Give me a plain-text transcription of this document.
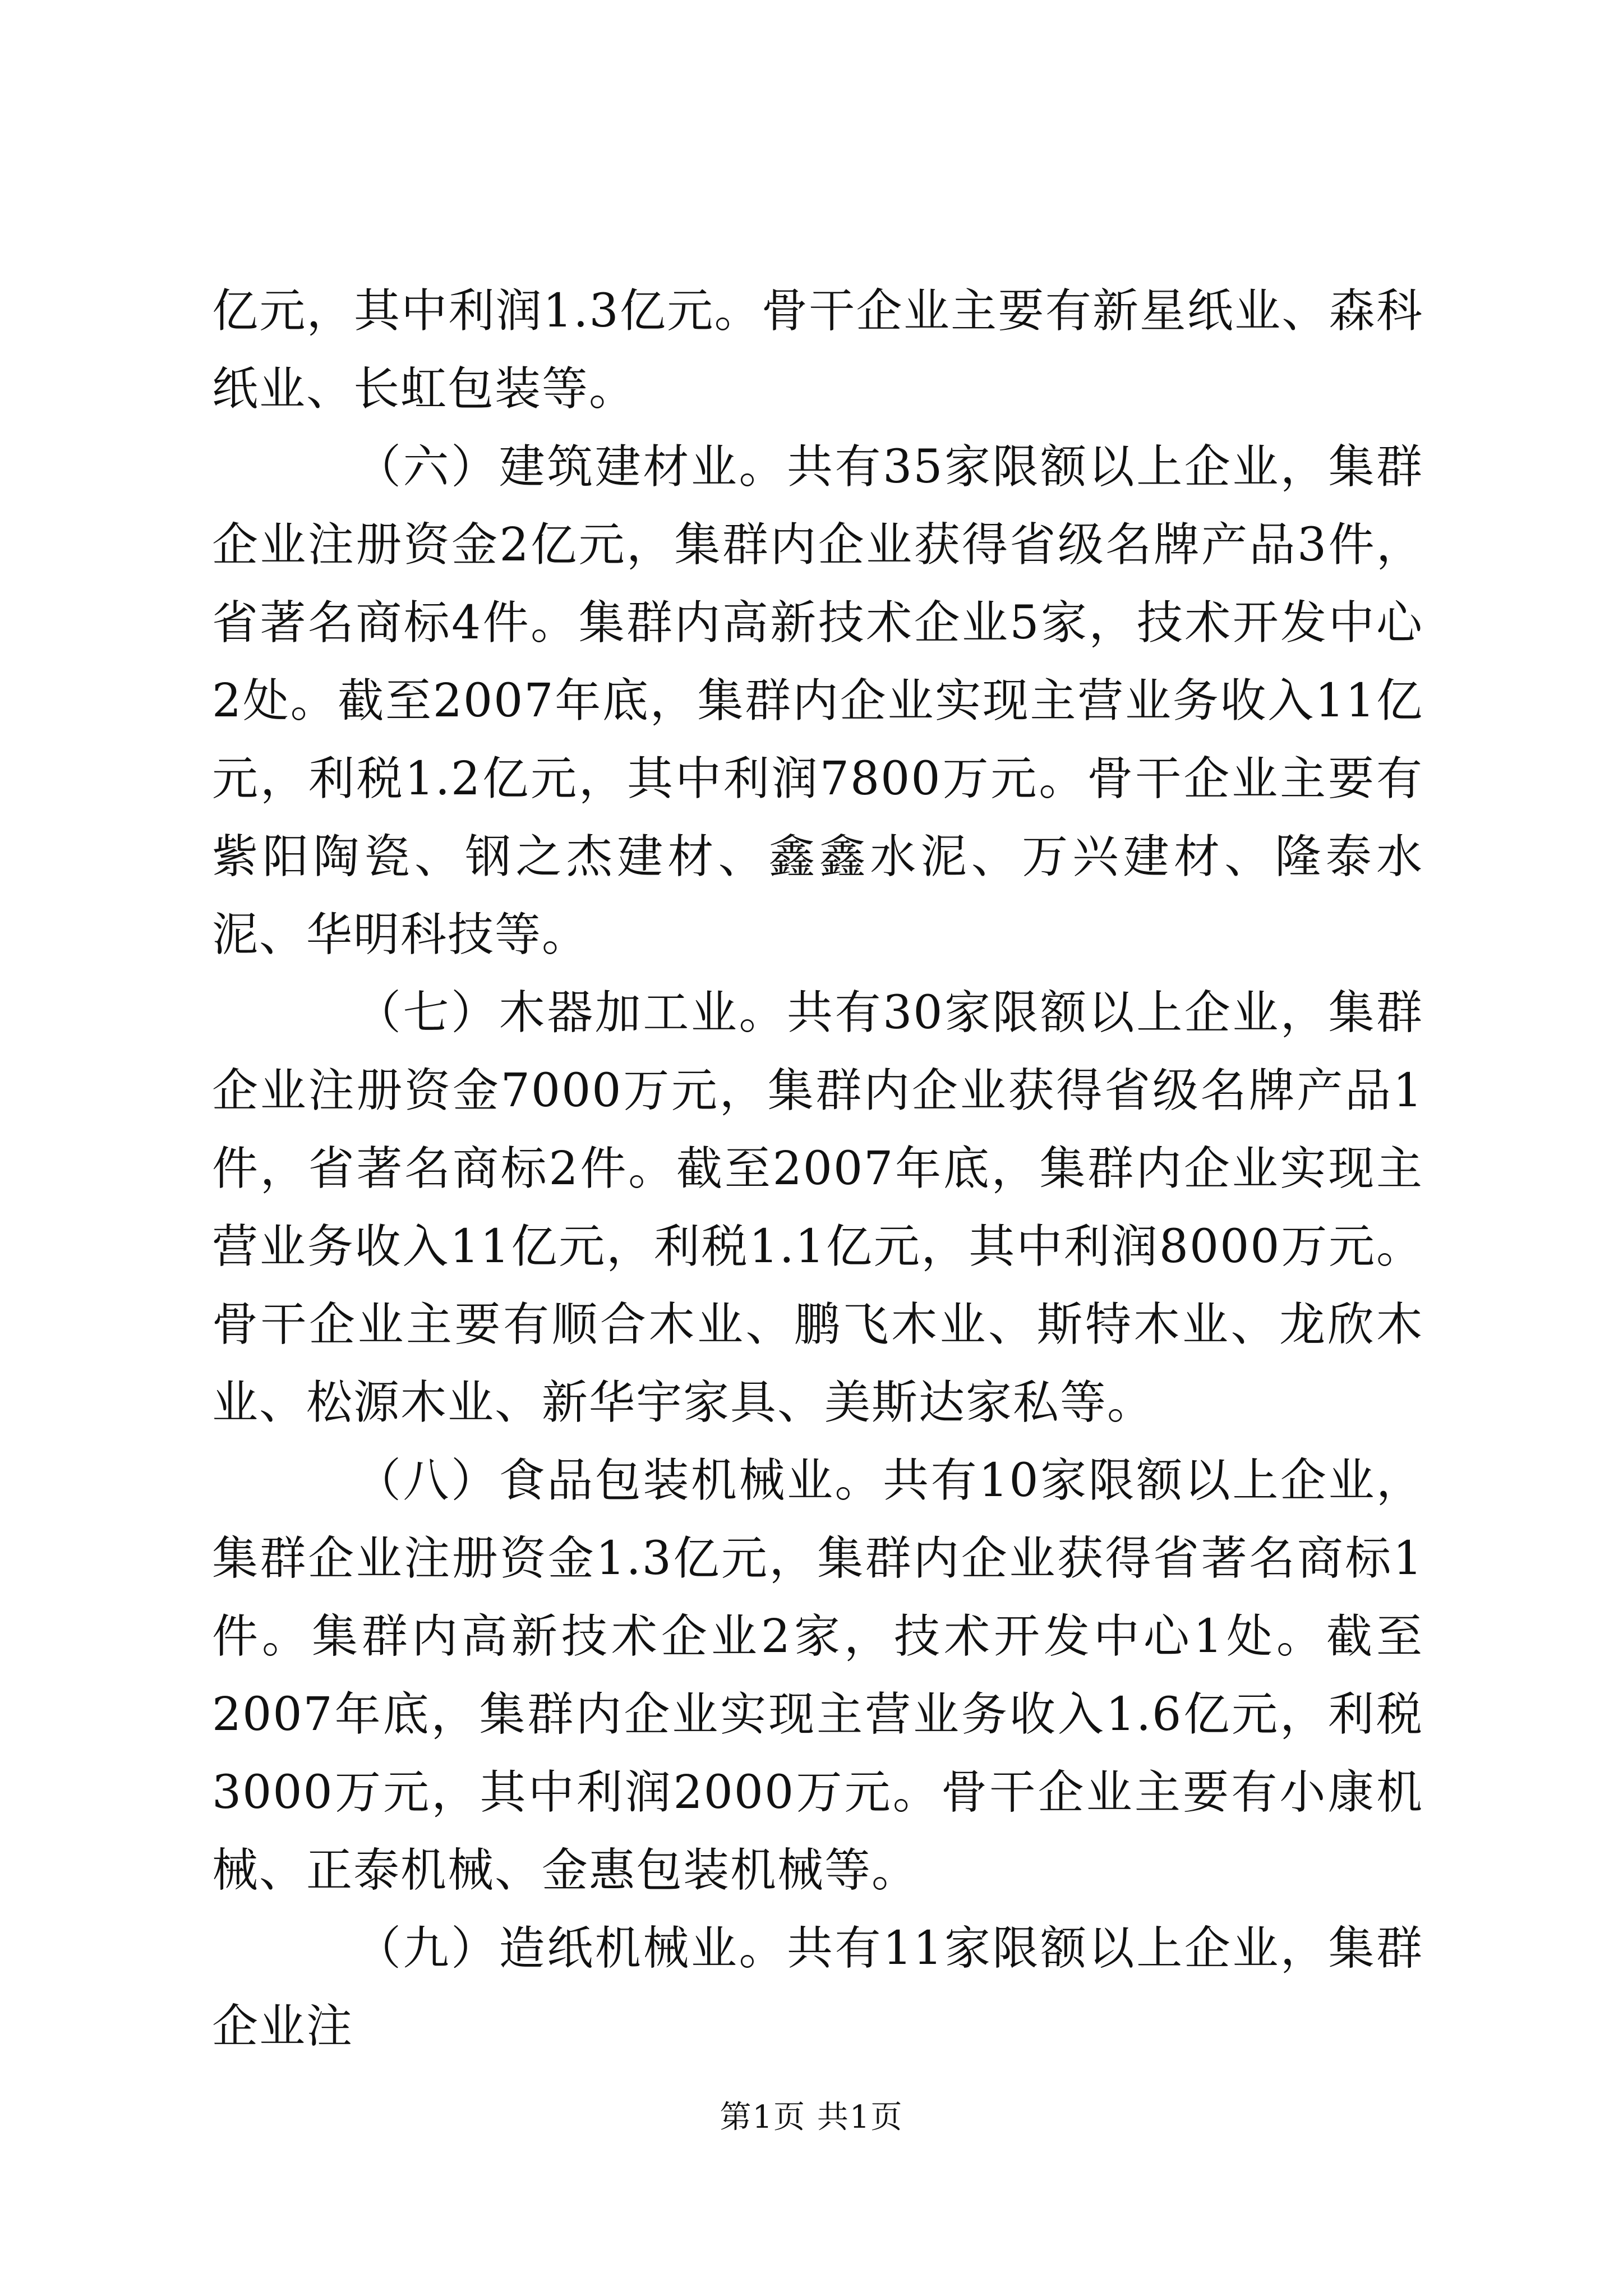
亿元，其中利润1.3亿元。骨干企业主要有新星纸业、森科纸业、长虹包装等。

（六）建筑建材业。共有35家限额以上企业，集群企业注册资金2亿元，集群内企业获得省级名牌产品3件，省著名商标4件。集群内高新技术企业5家，技术开发中心2处。截至2007年底，集群内企业实现主营业务收入11亿元，利税1.2亿元，其中利润7800万元。骨干企业主要有紫阳陶瓷、钢之杰建材、鑫鑫水泥、万兴建材、隆泰水泥、华明科技等。

（七）木器加工业。共有30家限额以上企业，集群企业注册资金7000万元，集群内企业获得省级名牌产品1件，省著名商标2件。截至2007年底，集群内企业实现主营业务收入11亿元，利税1.1亿元，其中利润8000万元。骨干企业主要有顺合木业、鹏飞木业、斯特木业、龙欣木业、松源木业、新华宇家具、美斯达家私等。

（八）食品包装机械业。共有10家限额以上企业，集群企业注册资金1.3亿元，集群内企业获得省著名商标1件。集群内高新技术企业2家，技术开发中心1处。截至2007年底，集群内企业实现主营业务收入1.6亿元，利税3000万元，其中利润2000万元。骨干企业主要有小康机械、正泰机械、金惠包装机械等。

（九）造纸机械业。共有11家限额以上企业，集群企业注

第1页 共1页
